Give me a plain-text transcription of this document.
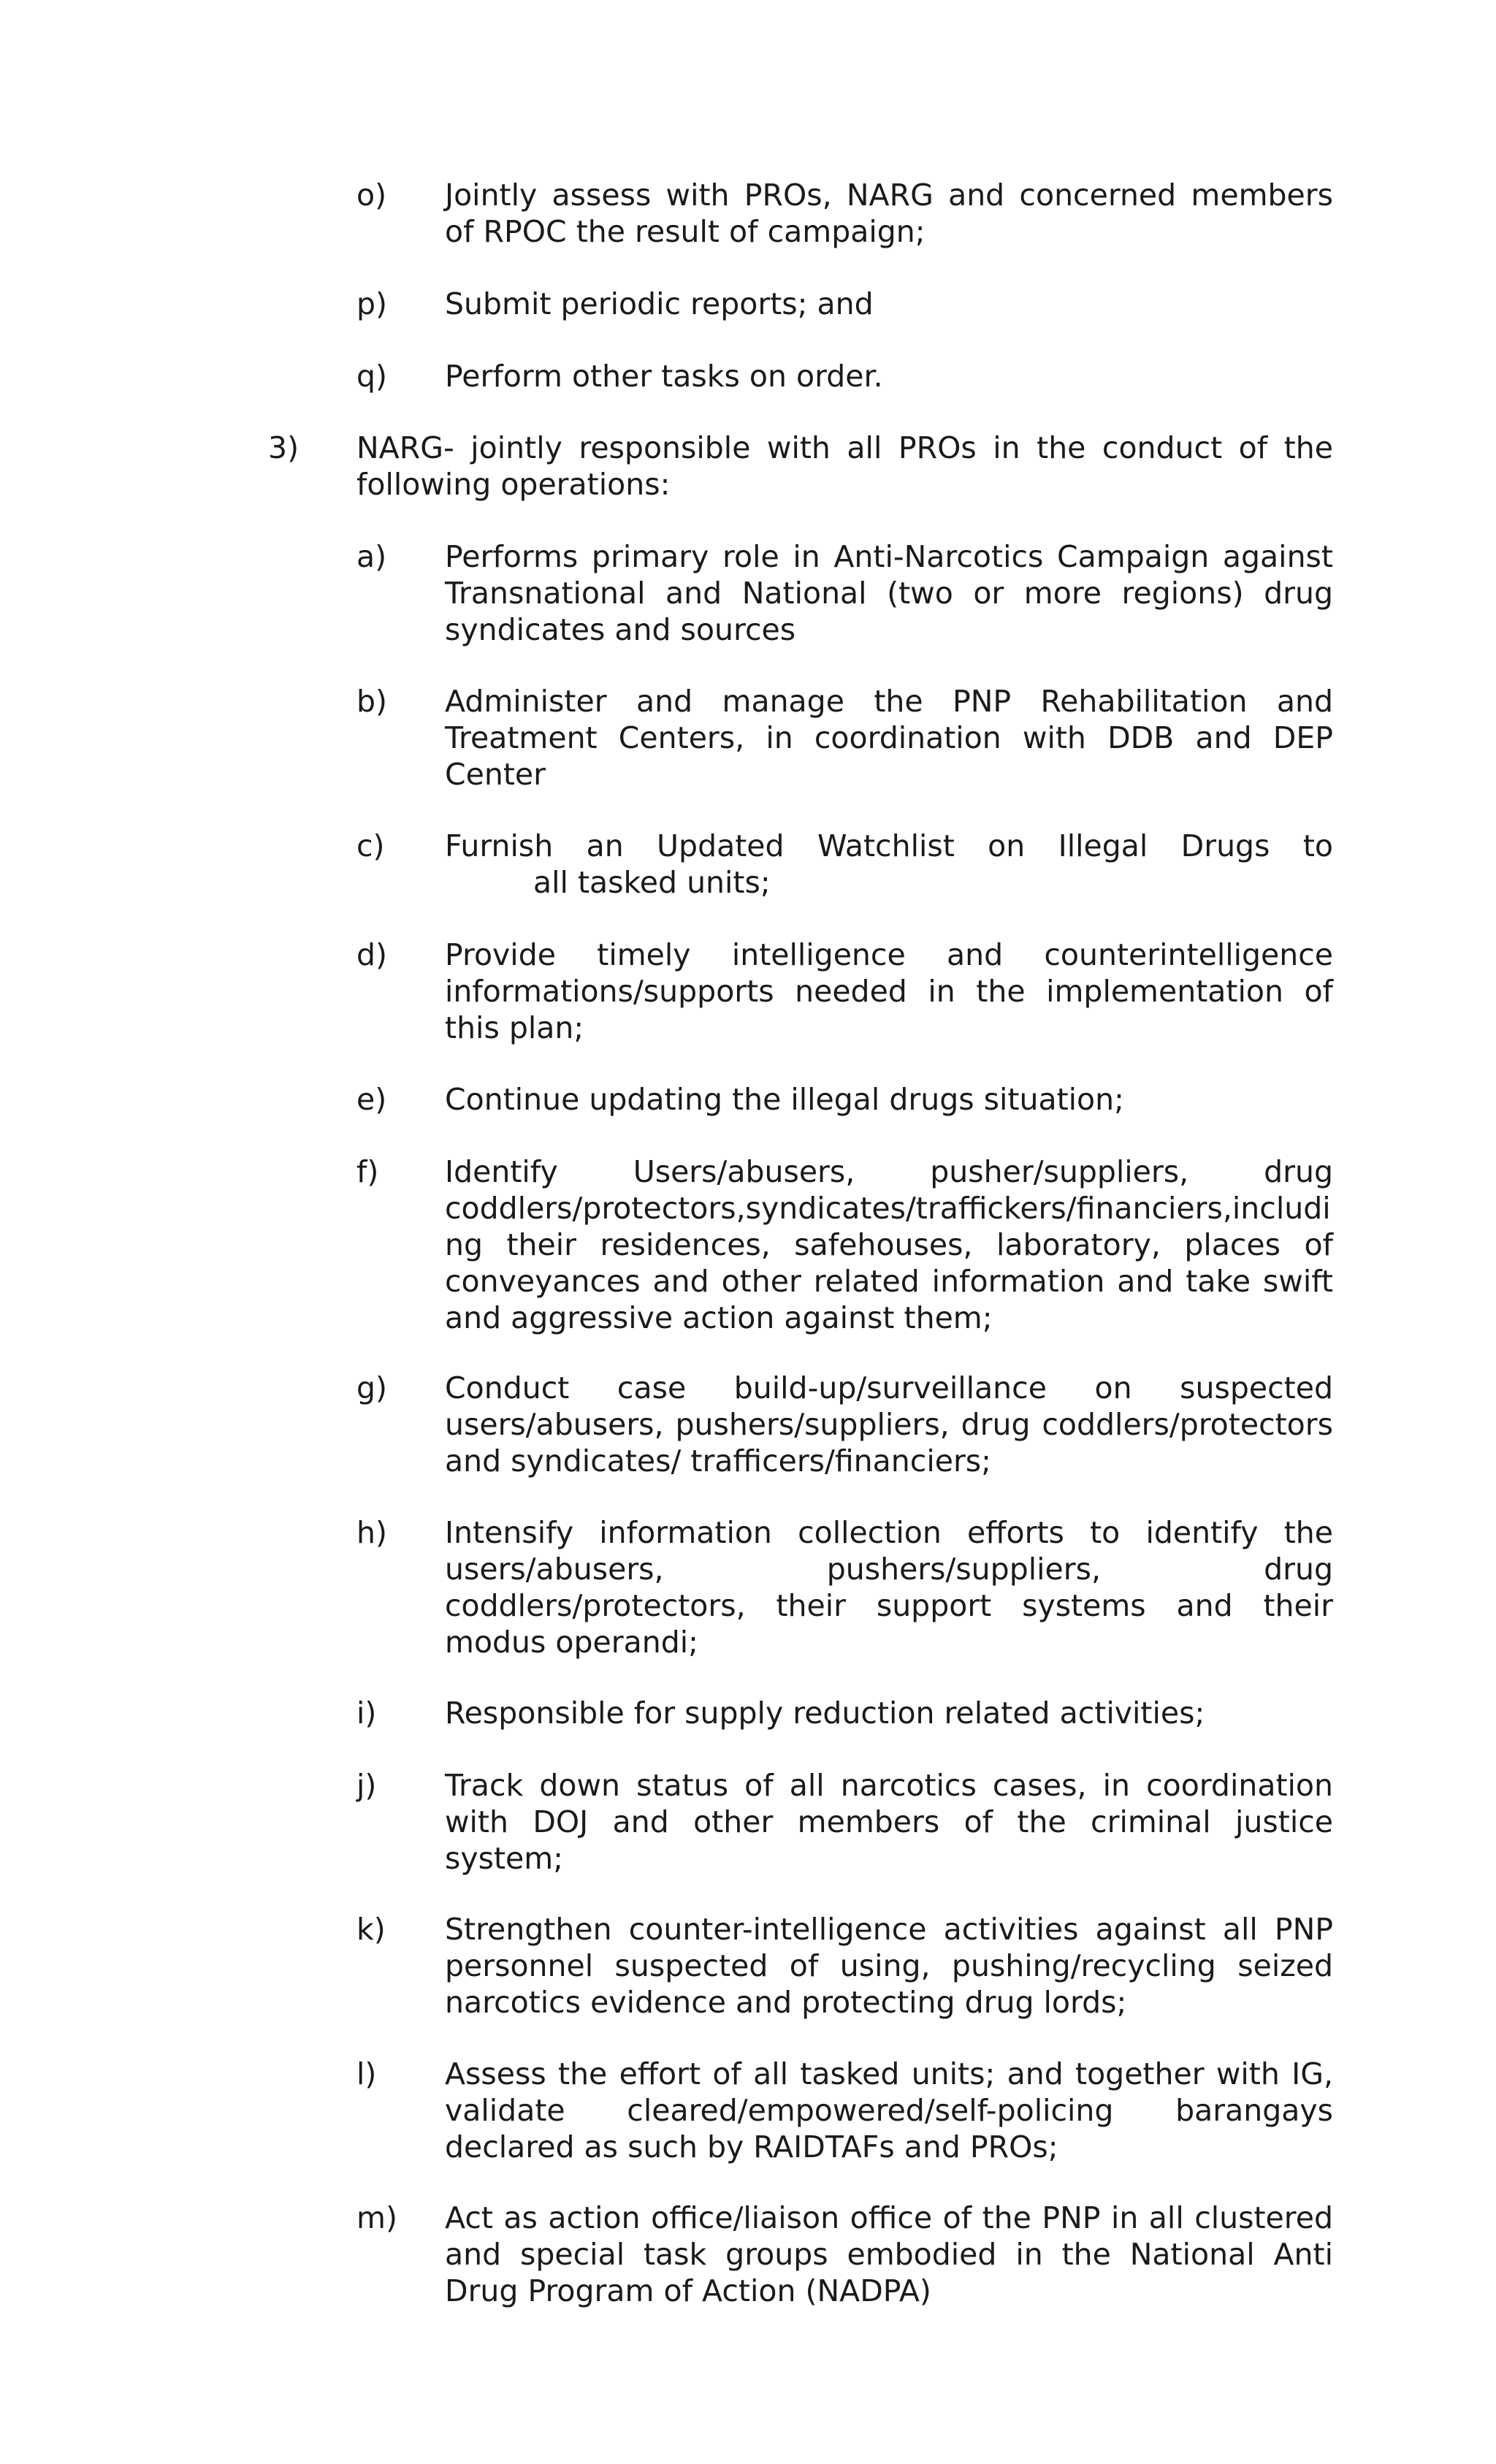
o) Jointly assess with PROs, NARG and concerned members of RPOC the result of campaign;
p) Submit periodic reports; and
q) Perform other tasks on order.
3) NARG- jointly responsible with all PROs in the conduct of the following operations:
a) Performs primary role in Anti-Narcotics Campaign against Transnational and National (two or more regions) drug syndicates and sources
b) Administer and manage the PNP Rehabilitation and Treatment Centers, in coordination with DDB and DEP Center
c) Furnish an Updated Watchlist on Illegal Drugs to
all tasked units;
d) Provide timely intelligence and counterintelligence informations/supports needed in the implementation of this plan;
e) Continue updating the illegal drugs situation;
f) Identify Users/abusers, pusher/suppliers, drug
coddlers/protectors,syndicates/traffickers/financiers,includi
ng their residences, safehouses, laboratory, places of
conveyances and other related information and take swift
and aggressive action against them;
g) Conduct case build-up/surveillance on suspected users/abusers, pushers/suppliers, drug coddlers/protectors and syndicates/ trafficers/financiers;
h) Intensify information collection efforts to identify the users/abusers, pushers/suppliers, drug coddlers/protectors, their support systems and their modus operandi;
i) Responsible for supply reduction related activities;
j) Track down status of all narcotics cases, in coordination with DOJ and other members of the criminal justice system;
k) Strengthen counter-intelligence activities against all PNP personnel suspected of using, pushing/recycling seized narcotics evidence and protecting drug lords;
l) Assess the effort of all tasked units; and together with IG, validate cleared/empowered/self-policing barangays declared as such by RAIDTAFs and PROs;
m) Act as action office/liaison office of the PNP in all clustered and special task groups embodied in the National Anti Drug Program of Action (NADPA)
